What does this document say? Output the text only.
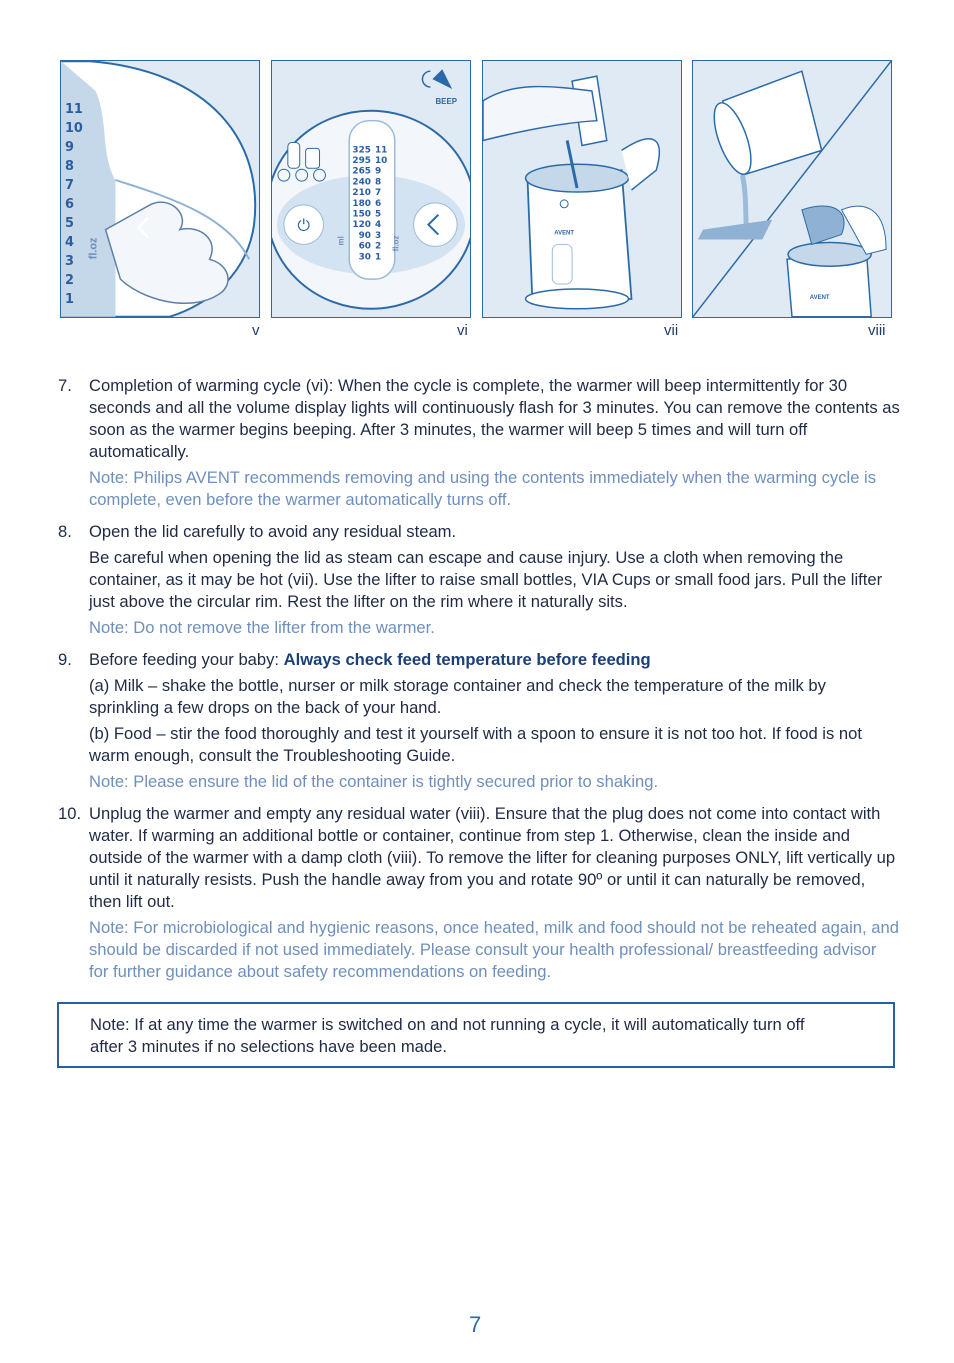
11
10
9
8
7
6
5
4
3
2
1
fl.oz
v
⏻
BEEP
325
295
265
240
210
180
150
120
90
60
30
11
10
9
8
7
6
5
4
3
2
1
ml	fl.oz
vi
AVENT
vii
AVENT
viii
7. Completion of warming cycle (vi): When the cycle is complete, the warmer will beep intermittently for 30 seconds and all the volume display lights will continuously flash for 3 minutes. You can remove the contents as soon as the warmer begins beeping. After 3 minutes, the warmer will beep 5 times and will turn off automatically.

Note: Philips AVENT recommends removing and using the contents immediately when the warming cycle is complete, even before the warmer automatically turns off.

8. Open the lid carefully to avoid any residual steam.

Be careful when opening the lid as steam can escape and cause injury. Use a cloth when removing the container, as it may be hot (vii). Use the lifter to raise small bottles, VIA Cups or small food jars. Pull the lifter just above the circular rim. Rest the lifter on the rim where it naturally sits.

Note: Do not remove the lifter from the warmer.

9. Before feeding your baby: Always check feed temperature before feeding

(a) Milk – shake the bottle, nurser or milk storage container and check the temperature of the milk by sprinkling a few drops on the back of your hand.

(b) Food – stir the food thoroughly and test it yourself with a spoon to ensure it is not too hot. If food is not warm enough, consult the Troubleshooting Guide.

Note: Please ensure the lid of the container is tightly secured prior to shaking.

10. Unplug the warmer and empty any residual water (viii). Ensure that the plug does not come into contact with water. If warming an additional bottle or container, continue from step 1. Otherwise, clean the inside and outside of the warmer with a damp cloth (viii). To remove the lifter for cleaning purposes ONLY, lift vertically up until it naturally resists. Push the handle away from you and rotate 90º or until it can naturally be removed, then lift out.

Note: For microbiological and hygienic reasons, once heated, milk and food should not be reheated again, and should be discarded if not used immediately. Please consult your health professional/ breastfeeding advisor for further guidance about safety recommendations on feeding.

Note: If at any time the warmer is switched on and not running a cycle, it will automatically turn off after 3 minutes if no selections have been made.
7
